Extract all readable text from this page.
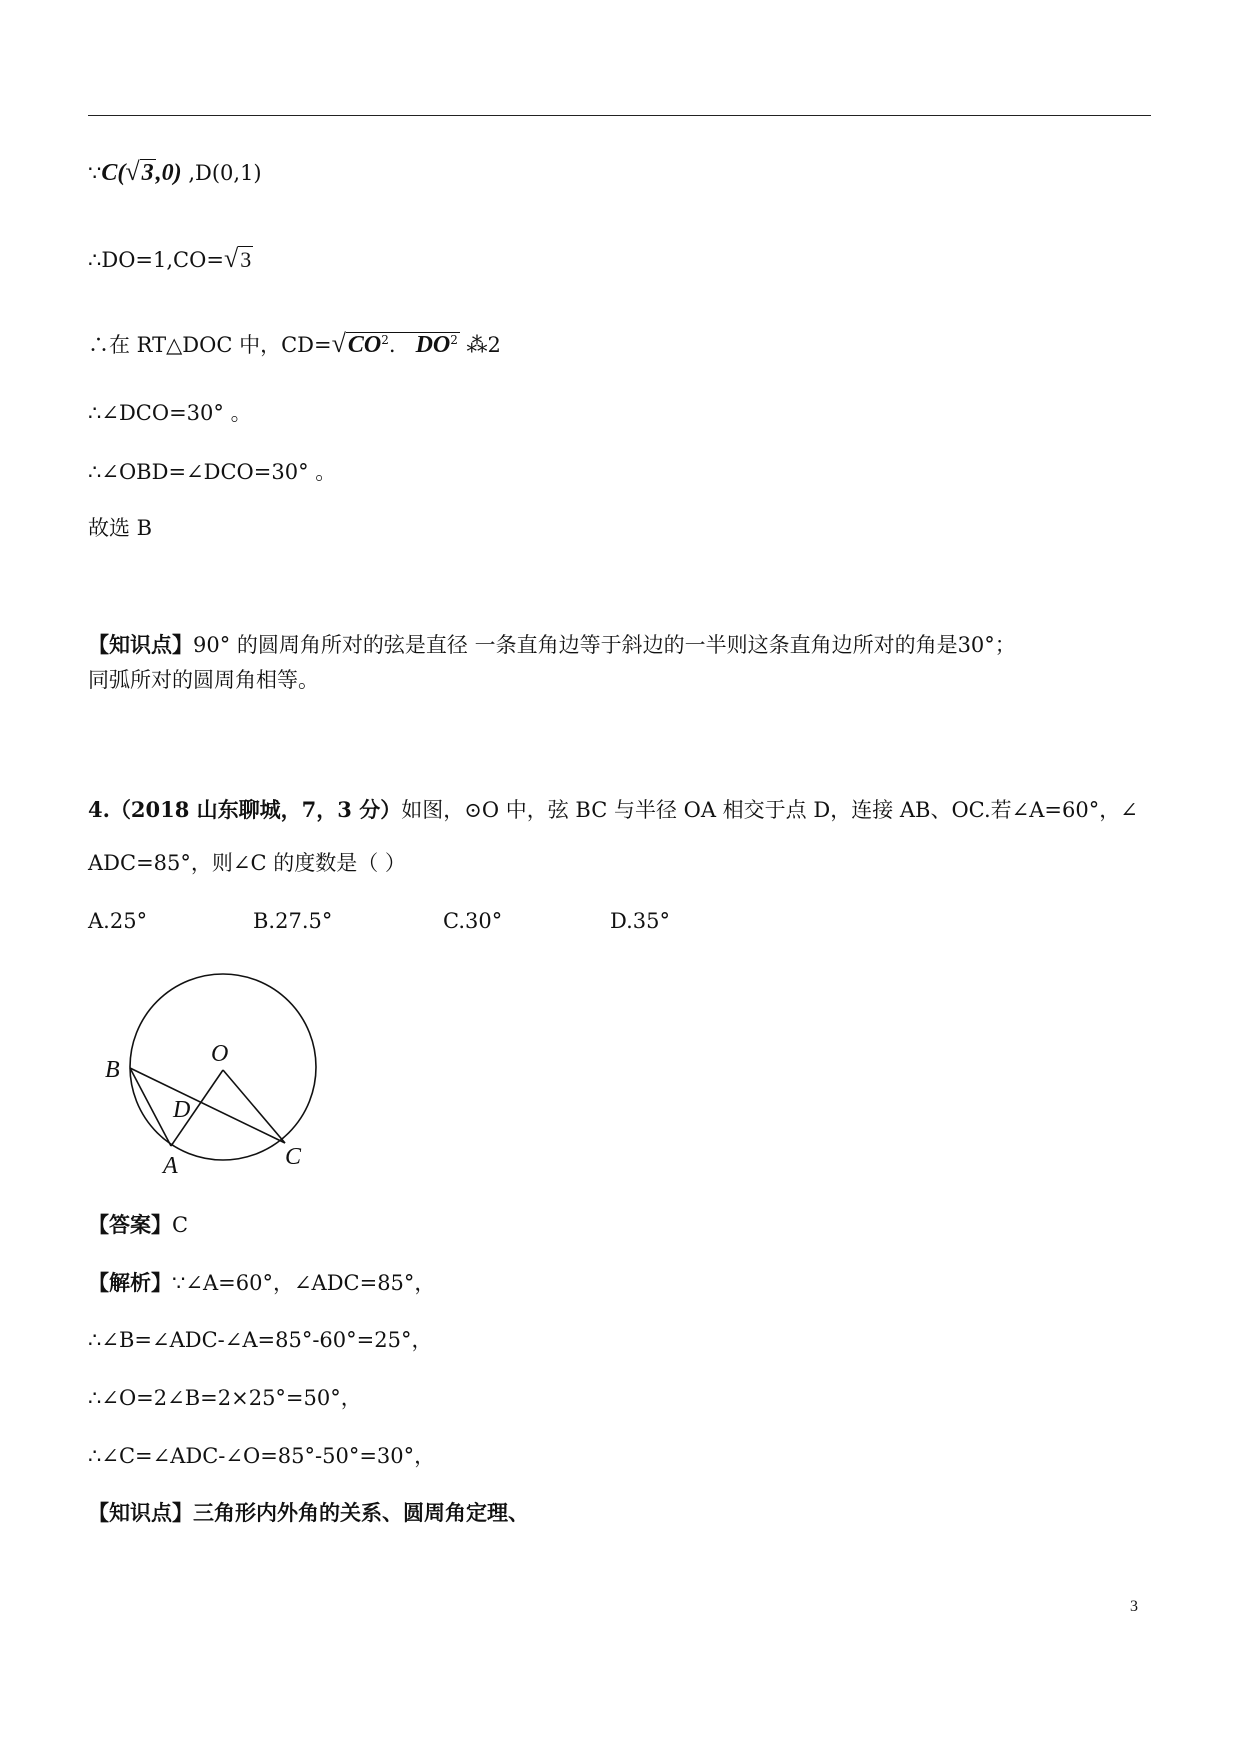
∵C(√3,0) ,D(0,1)
∴DO=1,CO=√3
∴在 RT△DOC 中，$CD=√CO^2$. $DO^2$ ⁂2
∴∠DCO=30° 。
∴∠OBD=∠DCO=30° 。
故选 B
【知识点】90° 的圆周角所对的弦是直径 一条直角边等于斜边的一半则这条直角边所对的角是30°；
同弧所对的圆周角相等。
4.（2018 山东聊城，7，3 分）如图，⊙O 中，弦 BC 与半径 OA 相交于点 D，连接 AB、OC.若∠A=60°，∠
ADC=85°，则∠C 的度数是（ ）
A.25°	B.27.5°	C.30°	D.35°
B
O
D
A	C
【答案】C
【解析】∵∠A=60°，∠ADC=85°，
∴∠B=∠ADC-∠A=85°-60°=25°，
∴∠O=2∠B=2×25°=50°，
∴∠C=∠ADC-∠O=85°-50°=30°，
【知识点】三角形内外角的关系、圆周角定理、
3
